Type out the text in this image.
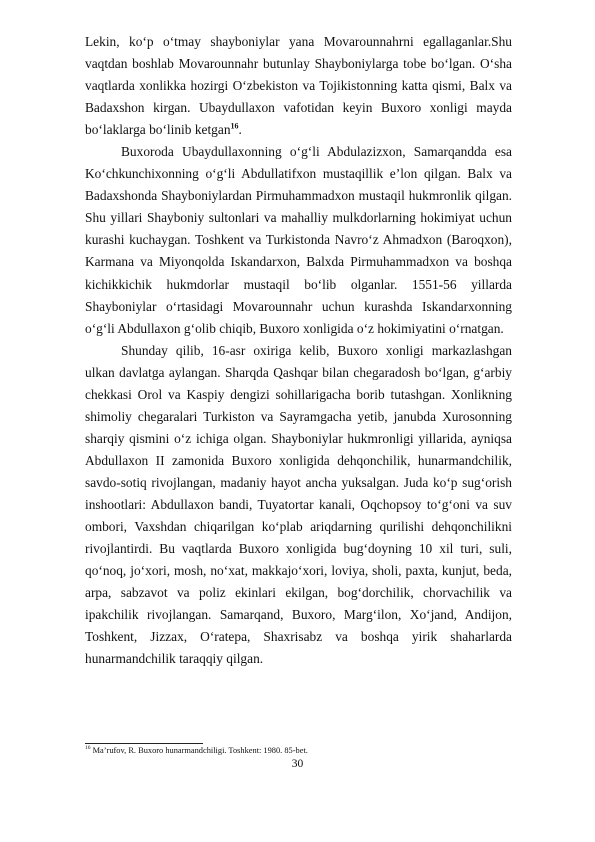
Lekin, ko‘p o‘tmay shayboniylar yana Movarounnahrni egallaganlar.Shu vaqtdan boshlab Movarounnahr butunlay Shayboniylarga tobe bo‘lgan. O‘sha vaqtlarda xonlikka hozirgi O‘zbekiston va Tojikistonning katta qismi, Balx va Badaxshon kirgan. Ubaydullaxon vafotidan keyin Buxoro xonligi mayda bo‘laklarga bo‘linib ketgan$^{16}$.

Buxoroda Ubaydullaxonning o‘g‘li Abdulazizxon, Samarqandda esa Ko‘chkunchixonning o‘g‘li Abdullatifxon mustaqillik e’lon qilgan. Balx va Badaxshonda Shayboniylardan Pirmuhammadxon mustaqil hukmronlik qilgan. Shu yillari Shayboniy sultonlari va mahalliy mulkdorlarning hokimiyat uchun kurashi kuchaygan. Toshkent va Turkistonda Navro‘z Ahmadxon (Baroqxon), Karmana va Miyonqolda Iskandarxon, Balxda Pirmuhammadxon va boshqa kichikkichik hukmdorlar mustaqil bo‘lib olganlar. 1551-56 yillarda Shayboniylar o‘rtasidagi Movarounnahr uchun kurashda Iskandarxonning o‘g‘li Abdullaxon g‘olib chiqib, Buxoro xonligida o‘z hokimiyatini o‘rnatgan.

Shunday qilib, 16-asr oxiriga kelib, Buxoro xonligi markazlashgan ulkan davlatga aylangan. Sharqda Qashqar bilan chegaradosh bo‘lgan, g‘arbiy chekkasi Orol va Kaspiy dengizi sohillarigacha borib tutashgan. Xonlikning shimoliy chegaralari Turkiston va Sayramgacha yetib, janubda Xurosonning sharqiy qismini o‘z ichiga olgan. Shayboniylar hukmronligi yillarida, ayniqsa Abdullaxon II zamonida Buxoro xonligida dehqonchilik, hunarmandchilik, savdo-sotiq rivojlangan, madaniy hayot ancha yuksalgan. Juda ko‘p sug‘orish inshootlari: Abdullaxon bandi, Tuyatortar kanali, Oqchopsoy to‘g‘oni va suv ombori, Vaxshdan chiqarilgan ko‘plab ariqdarning qurilishi dehqonchilikni rivojlantirdi. Bu vaqtlarda Buxoro xonligida bug‘doyning 10 xil turi, suli, qo‘noq, jo‘xori, mosh, no‘xat, makkajo‘xori, loviya, sholi, paxta, kunjut, beda, arpa, sabzavot va poliz ekinlari ekilgan, bog‘dorchilik, chorvachilik va ipakchilik rivojlangan. Samarqand, Buxoro, Marg‘ilon, Xo‘jand, Andijon, Toshkent, Jizzax, O‘ratepa, Shaxrisabz va boshqa yirik shaharlarda hunarmandchilik taraqqiy qilgan.

$^{16}$ Ma’rufov, R. Buxoro hunarmandchiligi. Toshkent: 1980. 85-bet.
30
